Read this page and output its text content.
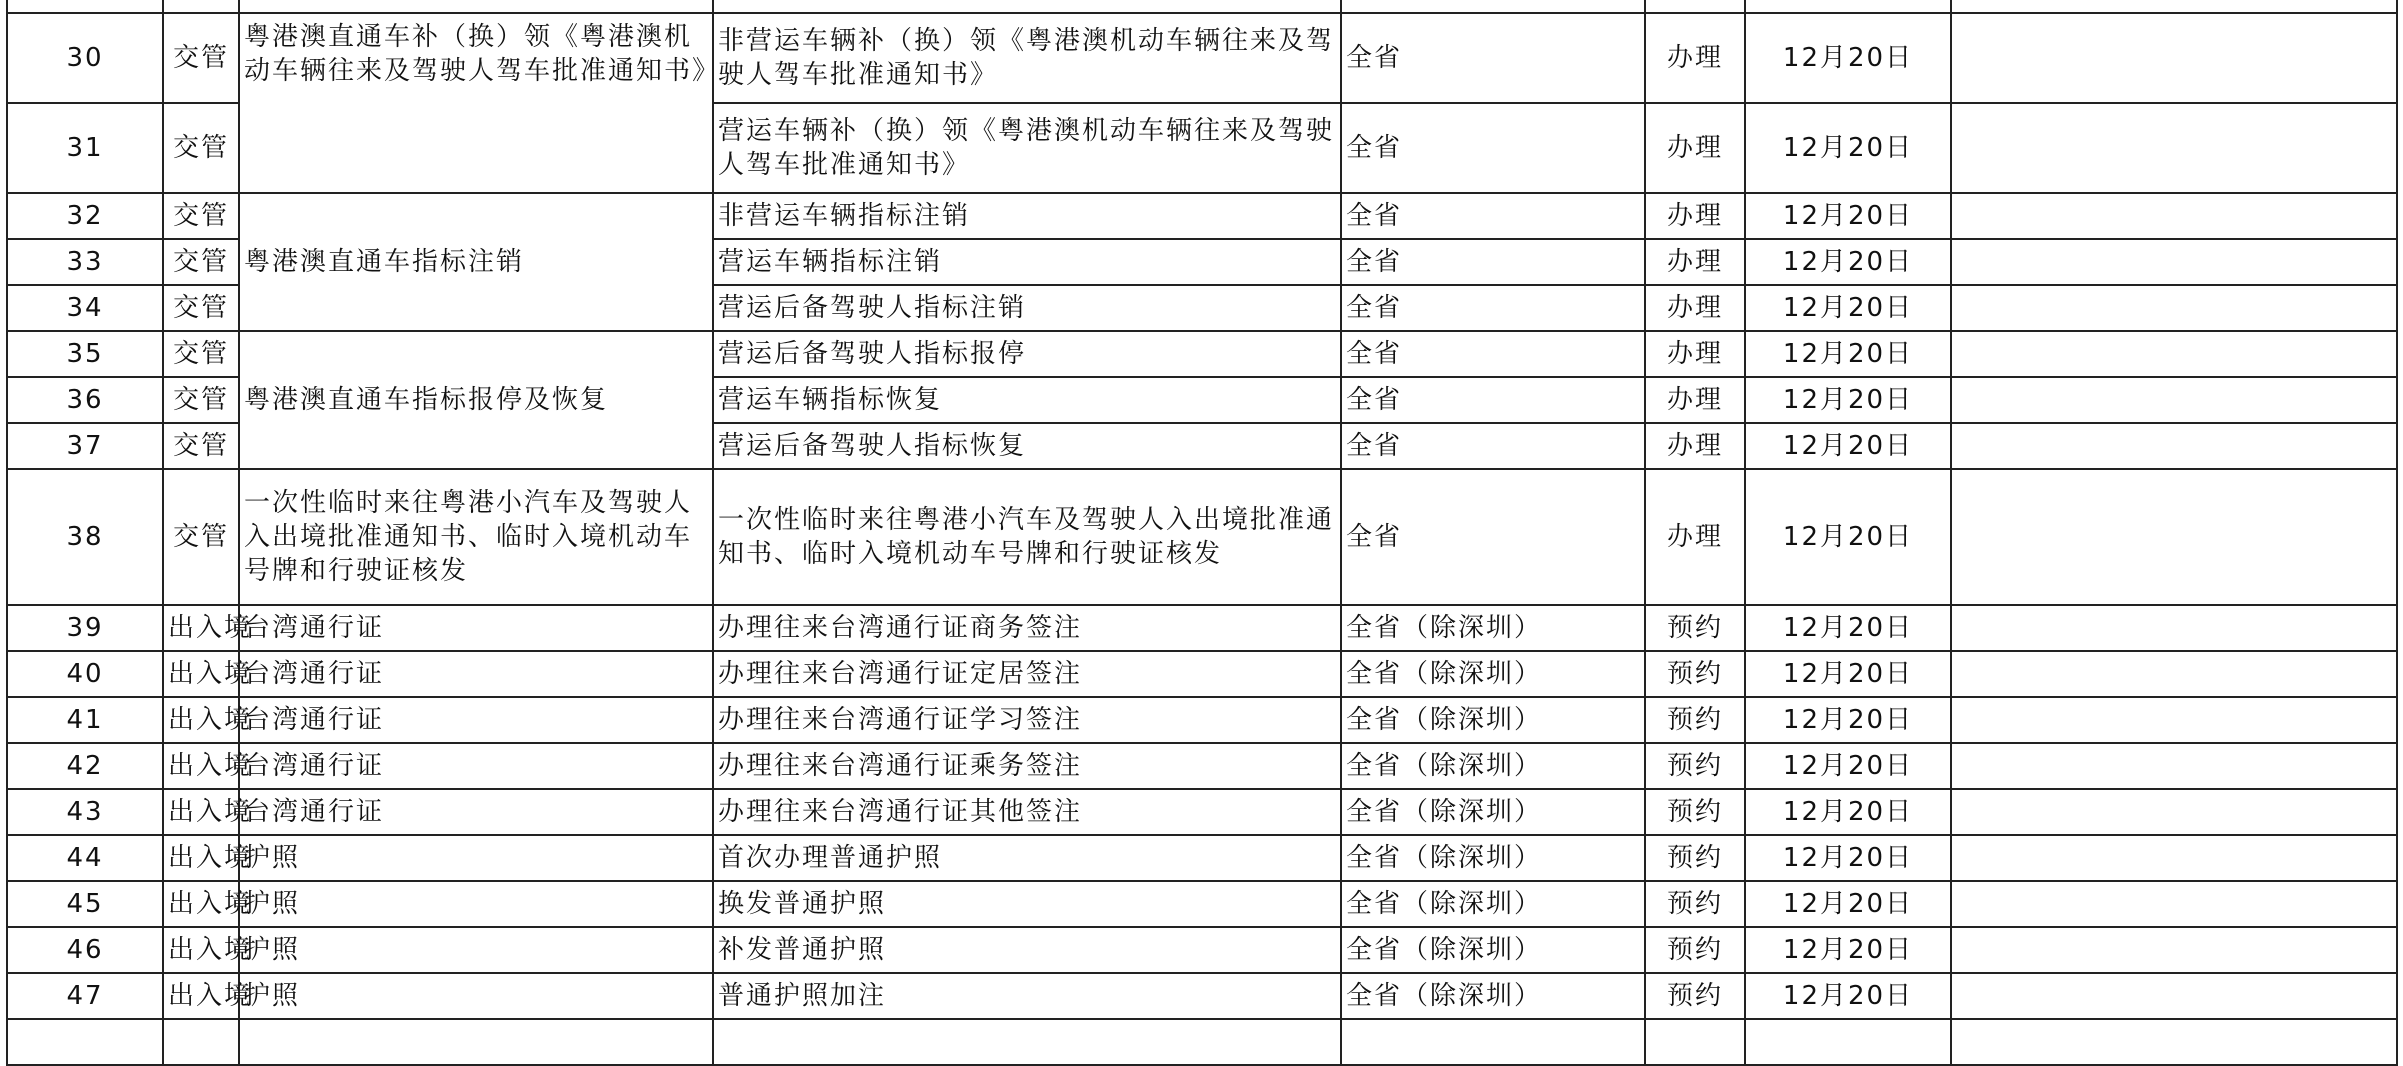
30	交管	粤港澳直通车补（换）领《粤港澳机动车辆往来及驾驶人驾车批准通知书》	非营运车辆补（换）领《粤港澳机动车辆往来及驾驶人驾车批准通知书》	全省	办理	12月20日	
31	交管		营运车辆补（换）领《粤港澳机动车辆往来及驾驶人驾车批准通知书》	全省	办理	12月20日	
32	交管	粤港澳直通车指标注销	非营运车辆指标注销	全省	办理	12月20日	
33	交管		营运车辆指标注销	全省	办理	12月20日	
34	交管		营运后备驾驶人指标注销	全省	办理	12月20日	
35	交管	粤港澳直通车指标报停及恢复	营运后备驾驶人指标报停	全省	办理	12月20日	
36	交管		营运车辆指标恢复	全省	办理	12月20日	
37	交管		营运后备驾驶人指标恢复	全省	办理	12月20日	
38	交管	一次性临时来往粤港小汽车及驾驶人入出境批准通知书、临时入境机动车号牌和行驶证核发	一次性临时来往粤港小汽车及驾驶人入出境批准通知书、临时入境机动车号牌和行驶证核发	全省	办理	12月20日	
39	出入境	台湾通行证	办理往来台湾通行证商务签注	全省（除深圳）	预约	12月20日	
40	出入境	台湾通行证	办理往来台湾通行证定居签注	全省（除深圳）	预约	12月20日	
41	出入境	台湾通行证	办理往来台湾通行证学习签注	全省（除深圳）	预约	12月20日	
42	出入境	台湾通行证	办理往来台湾通行证乘务签注	全省（除深圳）	预约	12月20日	
43	出入境	台湾通行证	办理往来台湾通行证其他签注	全省（除深圳）	预约	12月20日	
44	出入境	护照	首次办理普通护照	全省（除深圳）	预约	12月20日	
45	出入境	护照	换发普通护照	全省（除深圳）	预约	12月20日	
46	出入境	护照	补发普通护照	全省（除深圳）	预约	12月20日	
47	出入境	护照	普通护照加注	全省（除深圳）	预约	12月20日	
